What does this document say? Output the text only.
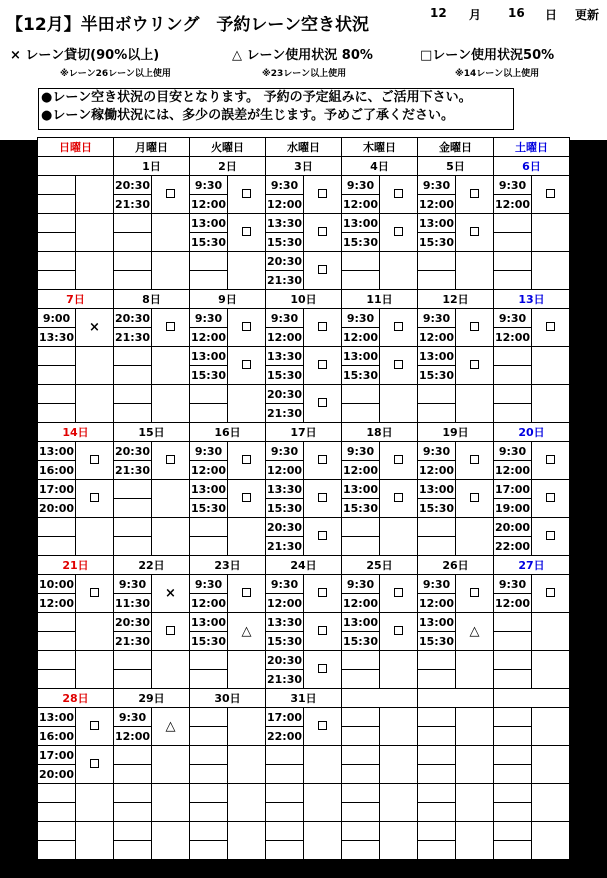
【12月】半田ボウリング　予約レーン空き状況
12 月 16 日 更新
× レーン貸切(90%以上)
※レーン26レーン以上使用
△ レーン使用状況 80%
※23レーン以上使用
□レーン使用状況50%
※14レーン以上使用
●レーン空き状況の目安となります。 予約の予定組みに、ご活用下さい。
●レーン稼働状況には、多少の誤差が生じます。予めご了承ください。
日曜日		月曜日		火曜日		水曜日		木曜日		金曜日		土曜日	
		1日		2日		3日		4日		5日		6日	
		20:30		9:30		9:30		9:30		9:30		9:30	
		21:30		12:00		12:00		12:00		12:00		12:00	
				13:00		13:30		13:00		13:00			
				15:30		15:30		15:30		15:30			
						20:30							
						21:30							
7日		8日		9日		10日		11日		12日		13日	
9:00	×	20:30		9:30		9:30		9:30		9:30		9:30	
13:30		21:30		12:00		12:00		12:00		12:00		12:00	
				13:00		13:30		13:00		13:00			
				15:30		15:30		15:30		15:30			
						20:30							
						21:30							
14日		15日		16日		17日		18日		19日		20日	
13:00		20:30		9:30		9:30		9:30		9:30		9:30	
16:00		21:30		12:00		12:00		12:00		12:00		12:00	
17:00				13:00		13:30		13:00		13:00		17:00	
20:00				15:30		15:30		15:30		15:30		19:00	
						20:30						20:00	
						21:30						22:00	
21日		22日		23日		24日		25日		26日		27日	
10:00		9:30	×	9:30		9:30		9:30		9:30		9:30	
12:00		11:30		12:00		12:00		12:00		12:00		12:00	
		20:30		13:00	△	13:30		13:00		13:00	△		
		21:30		15:30		15:30		15:30		15:30			
						20:30							
						21:30							
28日		29日		30日		31日							
13:00		9:30	△			17:00							
16:00		12:00				22:00							
17:00													
20:00													
